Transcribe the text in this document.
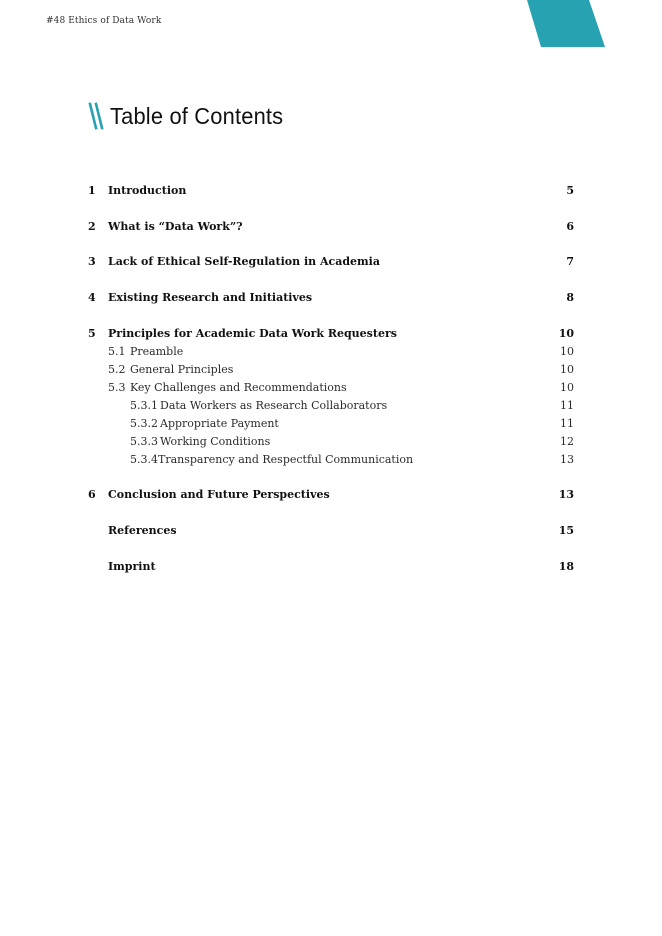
#48 Ethics of Data Work
Table of Contents
1 Introduction	5
2 What is “Data Work”?	6
3 Lack of Ethical Self-Regulation in Academia	7
4 Existing Research and Initiatives	8
5 Principles for Academic Data Work Requesters	10
5.1 Preamble	10
5.2 General Principles	10
5.3 Key Challenges and Recommendations	10
5.3.1 Data Workers as Research Collaborators	11
5.3.2 Appropriate Payment	11
5.3.3 Working Conditions	12
5.3.4 Transparency and Respectful Communication	13
6 Conclusion and Future Perspectives	13
References	15
Imprint	18
